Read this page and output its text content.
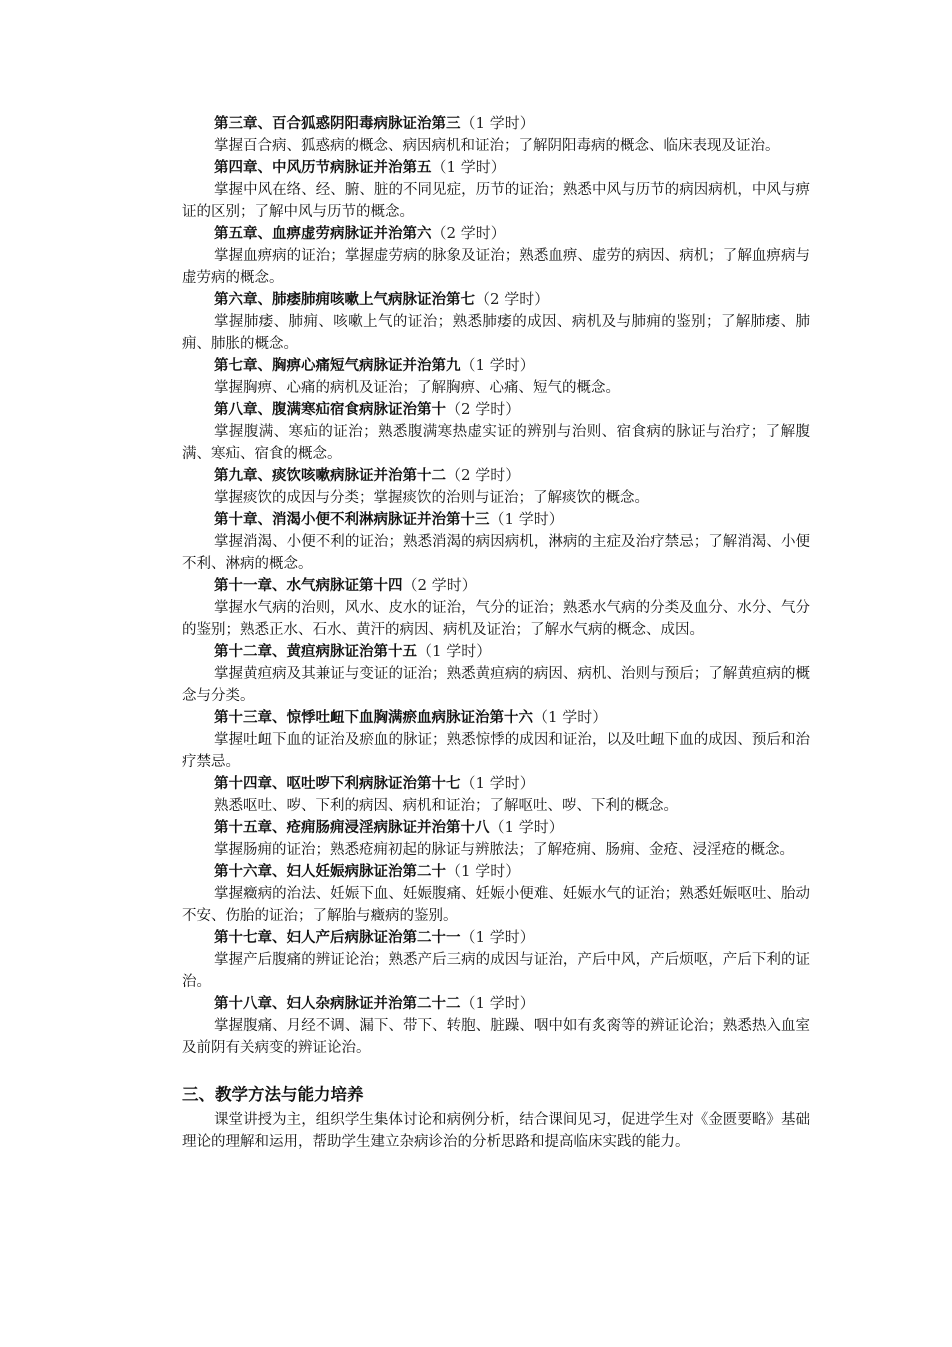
第三章、百合狐惑阴阳毒病脉证治第三（1 学时）

掌握百合病、狐惑病的概念、病因病机和证治；了解阴阳毒病的概念、临床表现及证治。

第四章、中风历节病脉证并治第五（1 学时）

掌握中风在络、经、腑、脏的不同见症，历节的证治；熟悉中风与历节的病因病机，中风与痹证的区别；了解中风与历节的概念。

第五章、血痹虚劳病脉证并治第六（2 学时）

掌握血痹病的证治；掌握虚劳病的脉象及证治；熟悉血痹、虚劳的病因、病机；了解血痹病与虚劳病的概念。

第六章、肺痿肺痈咳嗽上气病脉证治第七（2 学时）

掌握肺痿、肺痈、咳嗽上气的证治；熟悉肺痿的成因、病机及与肺痈的鉴别；了解肺痿、肺痈、肺胀的概念。

第七章、胸痹心痛短气病脉证并治第九（1 学时）

掌握胸痹、心痛的病机及证治；了解胸痹、心痛、短气的概念。

第八章、腹满寒疝宿食病脉证治第十（2 学时）

掌握腹满、寒疝的证治；熟悉腹满寒热虚实证的辨别与治则、宿食病的脉证与治疗；了解腹满、寒疝、宿食的概念。

第九章、痰饮咳嗽病脉证并治第十二（2 学时）

掌握痰饮的成因与分类；掌握痰饮的治则与证治；了解痰饮的概念。

第十章、消渴小便不利淋病脉证并治第十三（1 学时）

掌握消渴、小便不利的证治；熟悉消渴的病因病机，淋病的主症及治疗禁忌；了解消渴、小便不利、淋病的概念。

第十一章、水气病脉证第十四（2 学时）

掌握水气病的治则，风水、皮水的证治，气分的证治；熟悉水气病的分类及血分、水分、气分的鉴别；熟悉正水、石水、黄汗的病因、病机及证治；了解水气病的概念、成因。

第十二章、黄疸病脉证治第十五（1 学时）

掌握黄疸病及其兼证与变证的证治；熟悉黄疸病的病因、病机、治则与预后；了解黄疸病的概念与分类。

第十三章、惊悸吐衄下血胸满瘀血病脉证治第十六（1 学时）

掌握吐衄下血的证治及瘀血的脉证；熟悉惊悸的成因和证治，以及吐衄下血的成因、预后和治疗禁忌。

第十四章、呕吐哕下利病脉证治第十七（1 学时）

熟悉呕吐、哕、下利的病因、病机和证治；了解呕吐、哕、下利的概念。

第十五章、疮痈肠痈浸淫病脉证并治第十八（1 学时）

掌握肠痈的证治；熟悉疮痈初起的脉证与辨脓法；了解疮痈、肠痈、金疮、浸淫疮的概念。

第十六章、妇人妊娠病脉证治第二十（1 学时）

掌握癥病的治法、妊娠下血、妊娠腹痛、妊娠小便难、妊娠水气的证治；熟悉妊娠呕吐、胎动不安、伤胎的证治；了解胎与癥病的鉴别。

第十七章、妇人产后病脉证治第二十一（1 学时）

掌握产后腹痛的辨证论治；熟悉产后三病的成因与证治，产后中风，产后烦呕，产后下利的证治。

第十八章、妇人杂病脉证并治第二十二（1 学时）

掌握腹痛、月经不调、漏下、带下、转胞、脏躁、咽中如有炙脔等的辨证论治；熟悉热入血室及前阴有关病变的辨证论治。

三、教学方法与能力培养

课堂讲授为主，组织学生集体讨论和病例分析，结合课间见习，促进学生对《金匮要略》基础理论的理解和运用，帮助学生建立杂病诊治的分析思路和提高临床实践的能力。
